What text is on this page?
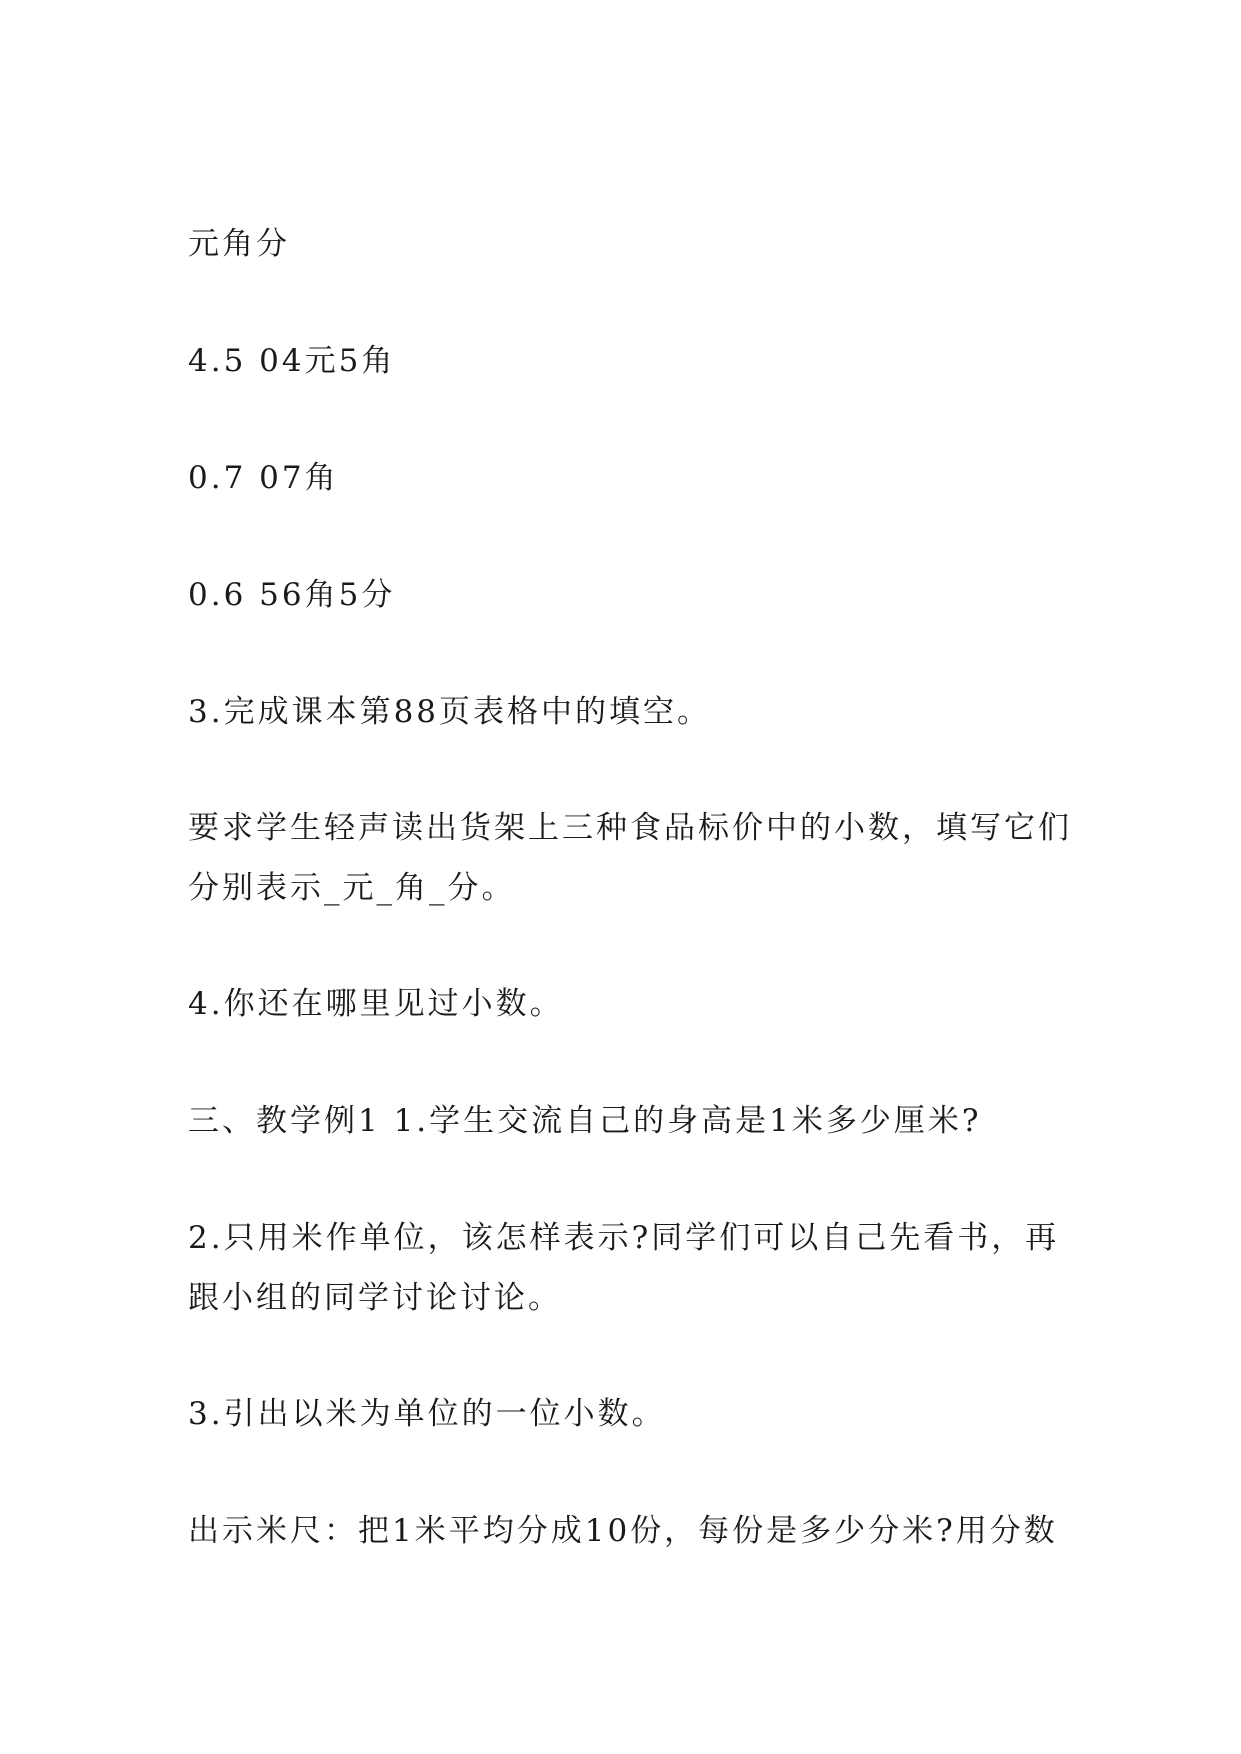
元角分
4.5 04元5角
0.7 07角
0.6 56角5分
3.完成课本第88页表格中的填空。
要求学生轻声读出货架上三种食品标价中的小数，填写它们
分别表示_元_角_分。
4.你还在哪里见过小数。
三、教学例1 1.学生交流自己的身高是1米多少厘米?
2.只用米作单位，该怎样表示?同学们可以自己先看书，再
跟小组的同学讨论讨论。
3.引出以米为单位的一位小数。
出示米尺：把1米平均分成10份，每份是多少分米?用分数
